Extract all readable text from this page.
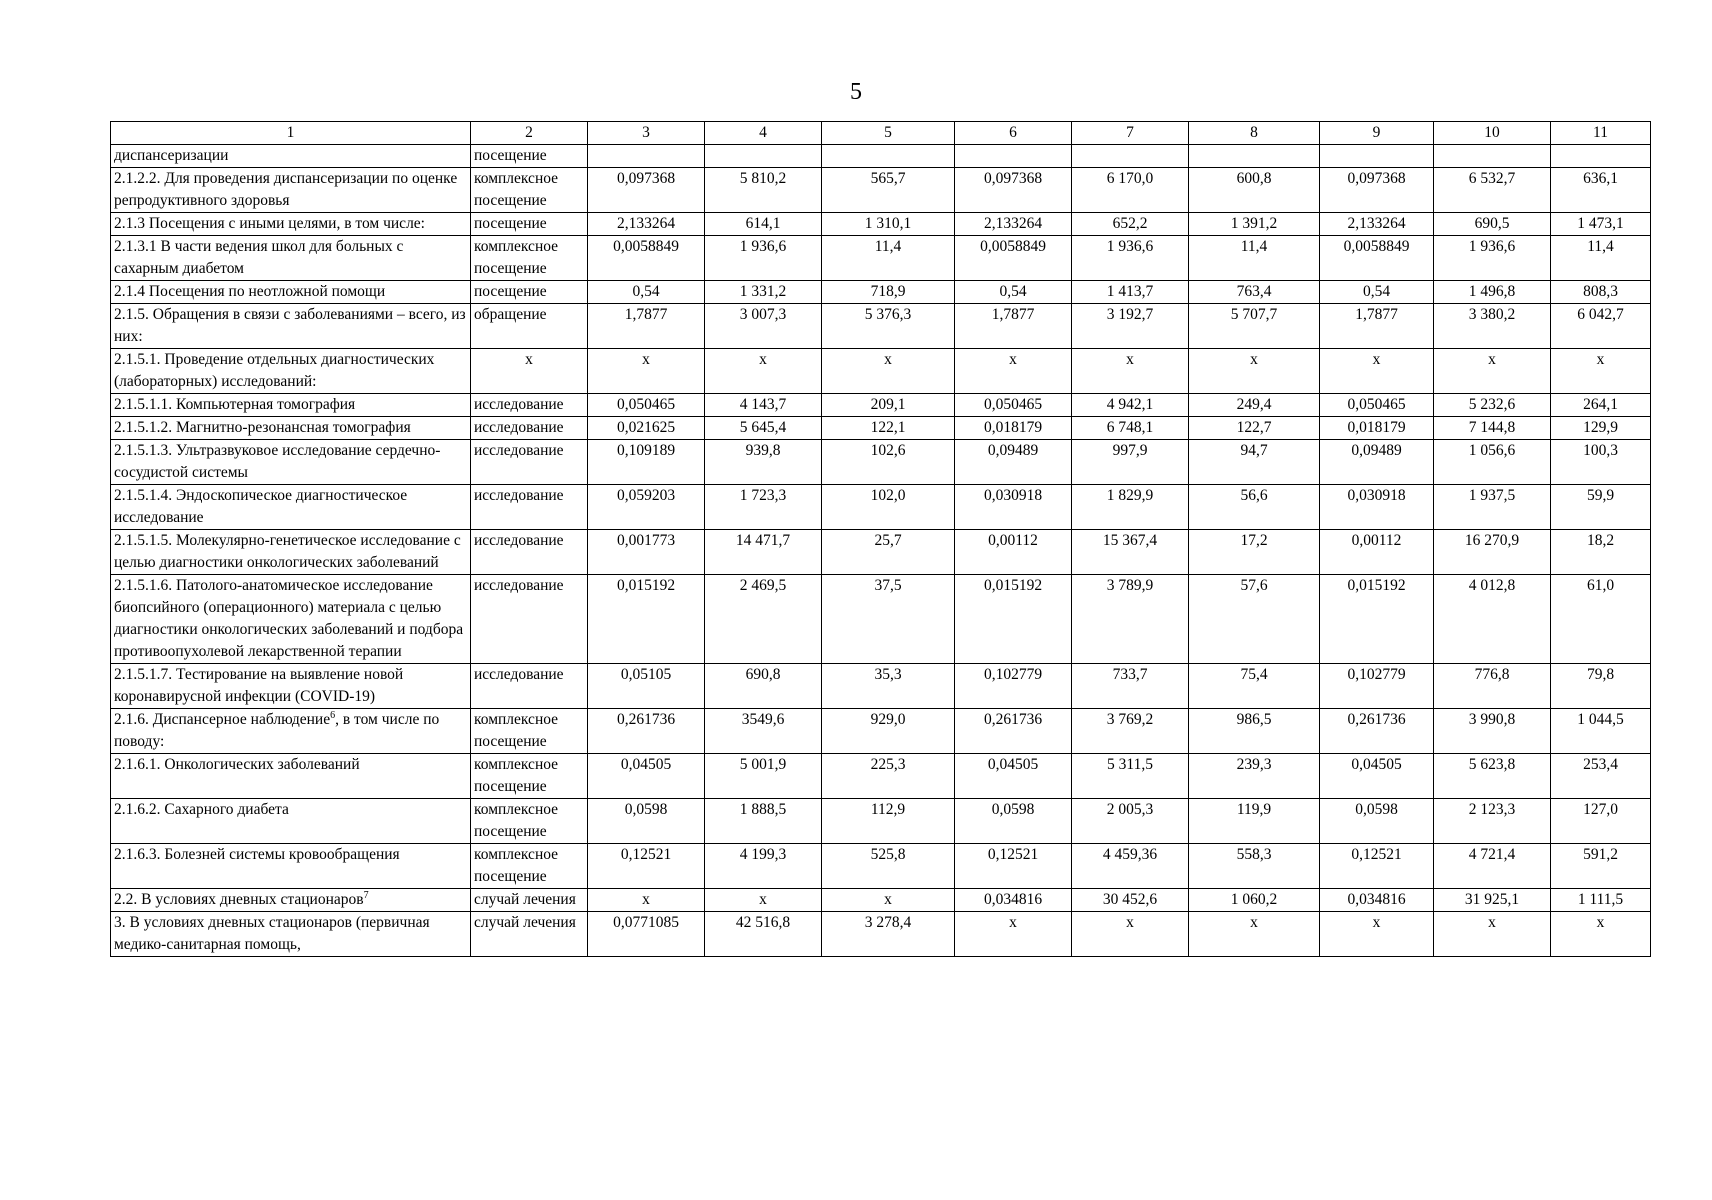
5
1	2	3	4	5	6	7	8	9	10	11
диспансеризации	посещение									
2.1.2.2. Для проведения диспансеризации по оценке репродуктивного здоровья	комплексное посещение	0,097368	5 810,2	565,7	0,097368	6 170,0	600,8	0,097368	6 532,7	636,1
2.1.3 Посещения с иными целями, в том числе:	посещение	2,133264	614,1	1 310,1	2,133264	652,2	1 391,2	2,133264	690,5	1 473,1
2.1.3.1 В части ведения школ для больных с сахарным диабетом	комплексное посещение	0,0058849	1 936,6	11,4	0,0058849	1 936,6	11,4	0,0058849	1 936,6	11,4
2.1.4 Посещения по неотложной помощи	посещение	0,54	1 331,2	718,9	0,54	1 413,7	763,4	0,54	1 496,8	808,3
2.1.5. Обращения в связи с заболеваниями – всего, из них:	обращение	1,7877	3 007,3	5 376,3	1,7877	3 192,7	5 707,7	1,7877	3 380,2	6 042,7
2.1.5.1. Проведение отдельных диагностических (лабораторных) исследований:	x	x	x	x	x	x	x	x	x	x
2.1.5.1.1. Компьютерная томография	исследование	0,050465	4 143,7	209,1	0,050465	4 942,1	249,4	0,050465	5 232,6	264,1
2.1.5.1.2. Магнитно-резонансная томография	исследование	0,021625	5 645,4	122,1	0,018179	6 748,1	122,7	0,018179	7 144,8	129,9
2.1.5.1.3. Ультразвуковое исследование сердечно-сосудистой системы	исследование	0,109189	939,8	102,6	0,09489	997,9	94,7	0,09489	1 056,6	100,3
2.1.5.1.4. Эндоскопическое диагностическое исследование	исследование	0,059203	1 723,3	102,0	0,030918	1 829,9	56,6	0,030918	1 937,5	59,9
2.1.5.1.5. Молекулярно-генетическое исследование с целью диагностики онкологических заболеваний	исследование	0,001773	14 471,7	25,7	0,00112	15 367,4	17,2	0,00112	16 270,9	18,2
2.1.5.1.6. Патолого-анатомическое исследование биопсийного (операционного) материала с целью диагностики онкологических заболеваний и подбора противоопухолевой лекарственной терапии	исследование	0,015192	2 469,5	37,5	0,015192	3 789,9	57,6	0,015192	4 012,8	61,0
2.1.5.1.7. Тестирование на выявление новой коронавирусной инфекции (COVID-19)	исследование	0,05105	690,8	35,3	0,102779	733,7	75,4	0,102779	776,8	79,8
2.1.6. Диспансерное наблюдение$^6$, в том числе по поводу:	комплексное посещение	0,261736	3549,6	929,0	0,261736	3 769,2	986,5	0,261736	3 990,8	1 044,5
2.1.6.1. Онкологических заболеваний	комплексное посещение	0,04505	5 001,9	225,3	0,04505	5 311,5	239,3	0,04505	5 623,8	253,4
2.1.6.2. Сахарного диабета	комплексное посещение	0,0598	1 888,5	112,9	0,0598	2 005,3	119,9	0,0598	2 123,3	127,0
2.1.6.3. Болезней системы кровообращения	комплексное посещение	0,12521	4 199,3	525,8	0,12521	4 459,36	558,3	0,12521	4 721,4	591,2
2.2. В условиях дневных стационаров$^7$	случай лечения	x	x	x	0,034816	30 452,6	1 060,2	0,034816	31 925,1	1 111,5
3. В условиях дневных стационаров (первичная медико-санитарная помощь,	случай лечения	0,0771085	42 516,8	3 278,4	x	x	x	x	x	x
